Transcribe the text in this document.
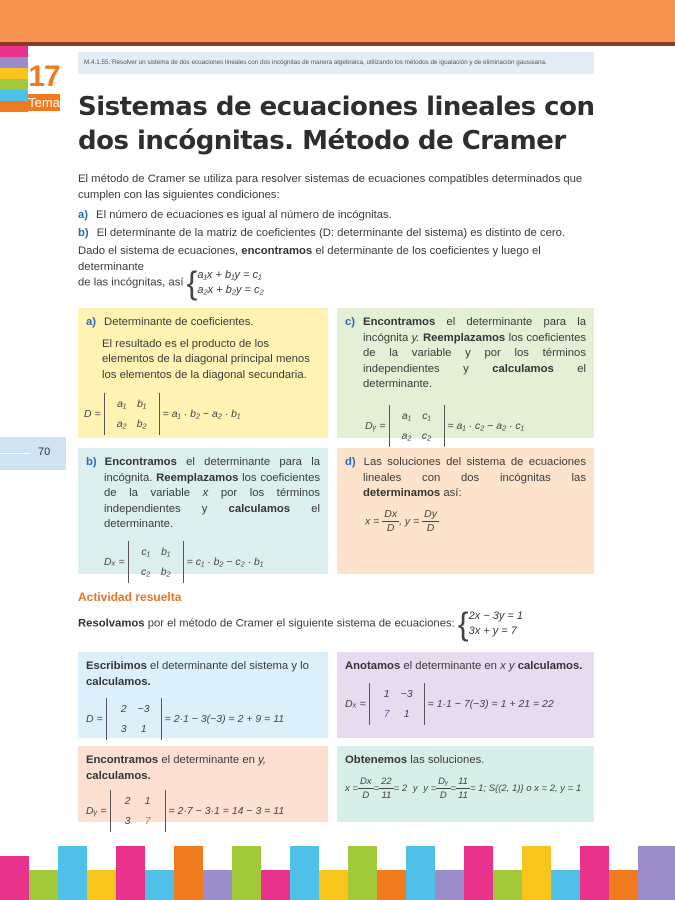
17
Tema
M.4.1.55. Resolver un sistema de dos ecuaciones lineales con dos incógnitas de manera algebraica, utilizando los métodos de igualación y de eliminación gaussiana.
Sistemas de ecuaciones lineales con dos incógnitas. Método de Cramer
El método de Cramer se utiliza para resolver sistemas de ecuaciones compatibles determinados que cumplen con las siguientes condiciones:
a) El número de ecuaciones es igual al número de incógnitas.
b) El determinante de la matriz de coeficientes (D: determinante del sistema) es distinto de cero.
Dado el sistema de ecuaciones, encontramos el determinante de los coeficientes y luego el determinante
de las incógnitas, así {a₁x + b₁y = c₁
a₂x + b₂y = c₂
a) Determinante de coeficientes.
El resultado es el producto de los elementos de la diagonal principal menos los elementos de la diagonal secundaria.
D =a₁ b₁
a₂ b₂= a₁ · b₂ − a₂ · b₁
c) Encontramos el determinante para la incógnita y. Reemplazamos los coeficientes de la variable y por los términos independientes y calculamos el determinante.
Dᵧ =a₁ c₁
a₂ c₂= a₁ · c₂ − a₂ · c₁
70
b) Encontramos el determinante para la incógnita. Reemplazamos los coeficientes de la variable x por los términos independientes y calculamos el determinante.
Dₓ =c₁ b₁
c₂ b₂= c₁ · b₂ − c₂ · b₁
d) Las soluciones del sistema de ecuaciones lineales con dos incógnitas las determinamos así:
$x = \frac{Dx}{D}$, $y = \frac{Dy}{D}$
Actividad resuelta
Resolvamos por el método de Cramer el siguiente sistema de ecuaciones: {2x − 3y = 1
3x + y = 7
Escribimos el determinante del sistema y lo calculamos.
D =2 −3
3 1= 2·1 − 3(−3) = 2 + 9 = 11
Anotamos el determinante en x y calculamos.
Dₓ =1 −3
7 1= 1·1 − 7(−3) = 1 + 21 = 22
Encontramos el determinante en y, calculamos.
Dᵧ =2 1
3 7= 2·7 − 3·1 = 14 − 3 = 11
Obtenemos las soluciones.
$x = \frac{Dx}{D}= \frac{22}{11}= 2$ y $y = \frac{\text{Dᵧ}}{D}= \frac{11}{11}= 1$; S{(2, 1)} o x = 2, y = 1
